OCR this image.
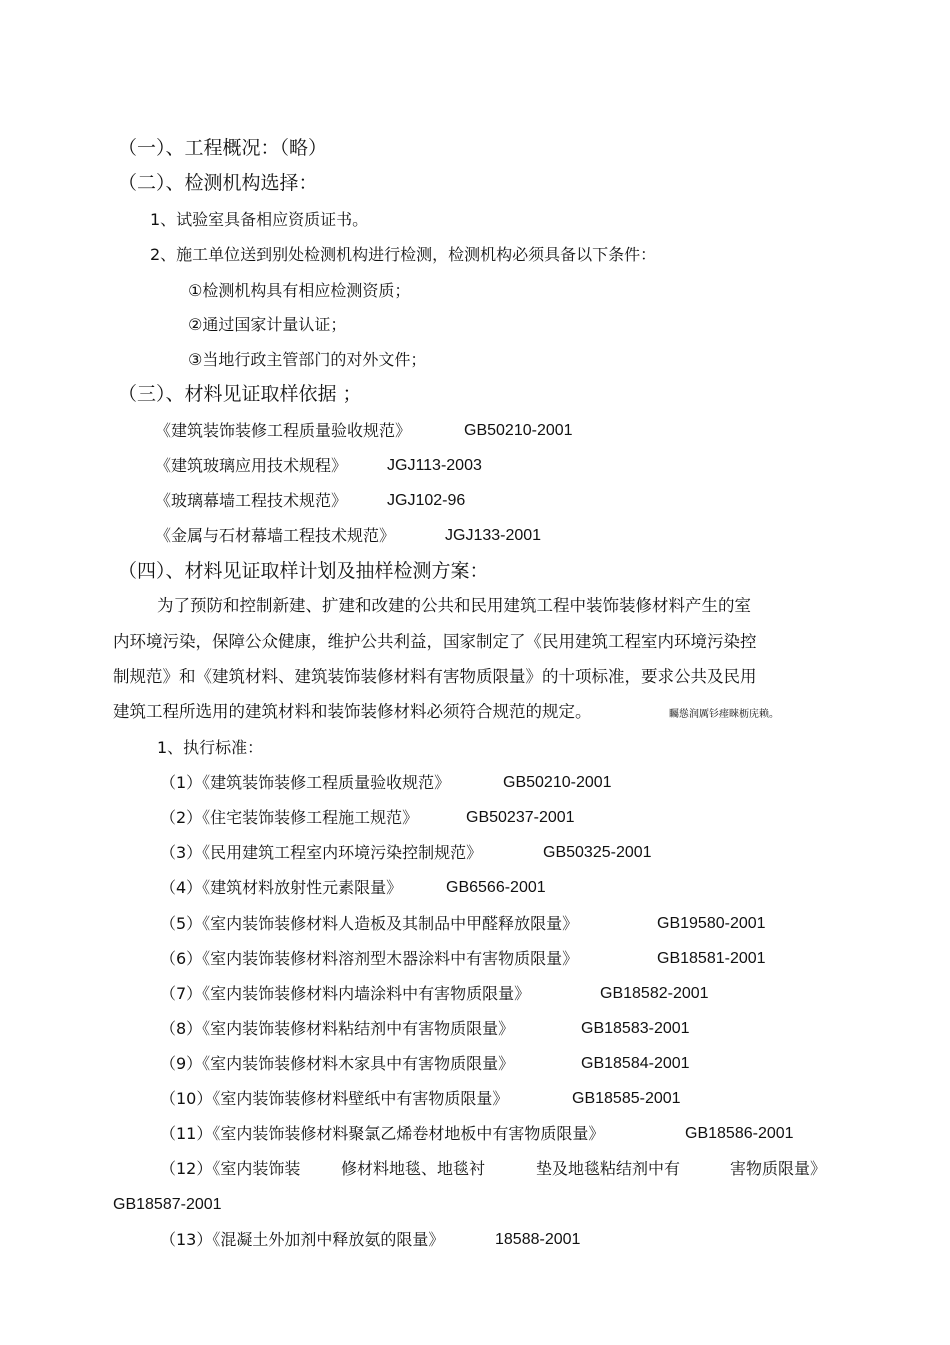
（一）、工程概况：（略）
（二）、检测机构选择：
1、试验室具备相应资质证书。
2、施工单位送到别处检测机构进行检测，检测机构必须具备以下条件：
①检测机构具有相应检测资质；
②通过国家计量认证；
③当地行政主管部门的对外文件；
（三）、材料见证取样依据 ；
《建筑装饰装修工程质量验收规范》	GB50210-2001
《建筑玻璃应用技术规程》 JGJ113-2003
《玻璃幕墙工程技术规范》 JGJ102-96
《金属与石材幕墙工程技术规范》	JGJ133-2001
（四）、材料见证取样计划及抽样检测方案：
为了预防和控制新建、扩建和改建的公共和民用建筑工程中装饰装修材料产生的室
内环境污染，保障公众健康，维护公共利益，国家制定了《民用建筑工程室内环境污染控
制规范》和《建筑材料、建筑装饰装修材料有害物质限量》的十项标准，要求公共及民用
建筑工程所选用的建筑材料和装饰装修材料必须符合规范的规定。	矚慫润厲钐瘗睞枥庑赖。
1、执行标准：
（1）《建筑装饰装修工程质量验收规范》	GB50210-2001
（2）《住宅装饰装修工程施工规范》	GB50237-2001
（3）《民用建筑工程室内环境污染控制规范》	GB50325-2001
（4）《建筑材料放射性元素限量》	GB6566-2001
（5）《室内装饰装修材料人造板及其制品中甲醛释放限量》	GB19580-2001
（6）《室内装饰装修材料溶剂型木器涂料中有害物质限量》	GB18581-2001
（7）《室内装饰装修材料内墙涂料中有害物质限量》	GB18582-2001
（8）《室内装饰装修材料粘结剂中有害物质限量》	GB18583-2001
（9）《室内装饰装修材料木家具中有害物质限量》	GB18584-2001
（10）《室内装饰装修材料壁纸中有害物质限量》	GB18585-2001
（11）《室内装饰装修材料聚氯乙烯卷材地板中有害物质限量》	GB18586-2001
（12）《室内装饰装	修材料地毯、地毯衬	垫及地毯粘结剂中有	害物质限量》
GB18587-2001
（13）《混凝土外加剂中释放氨的限量》	18588-2001
